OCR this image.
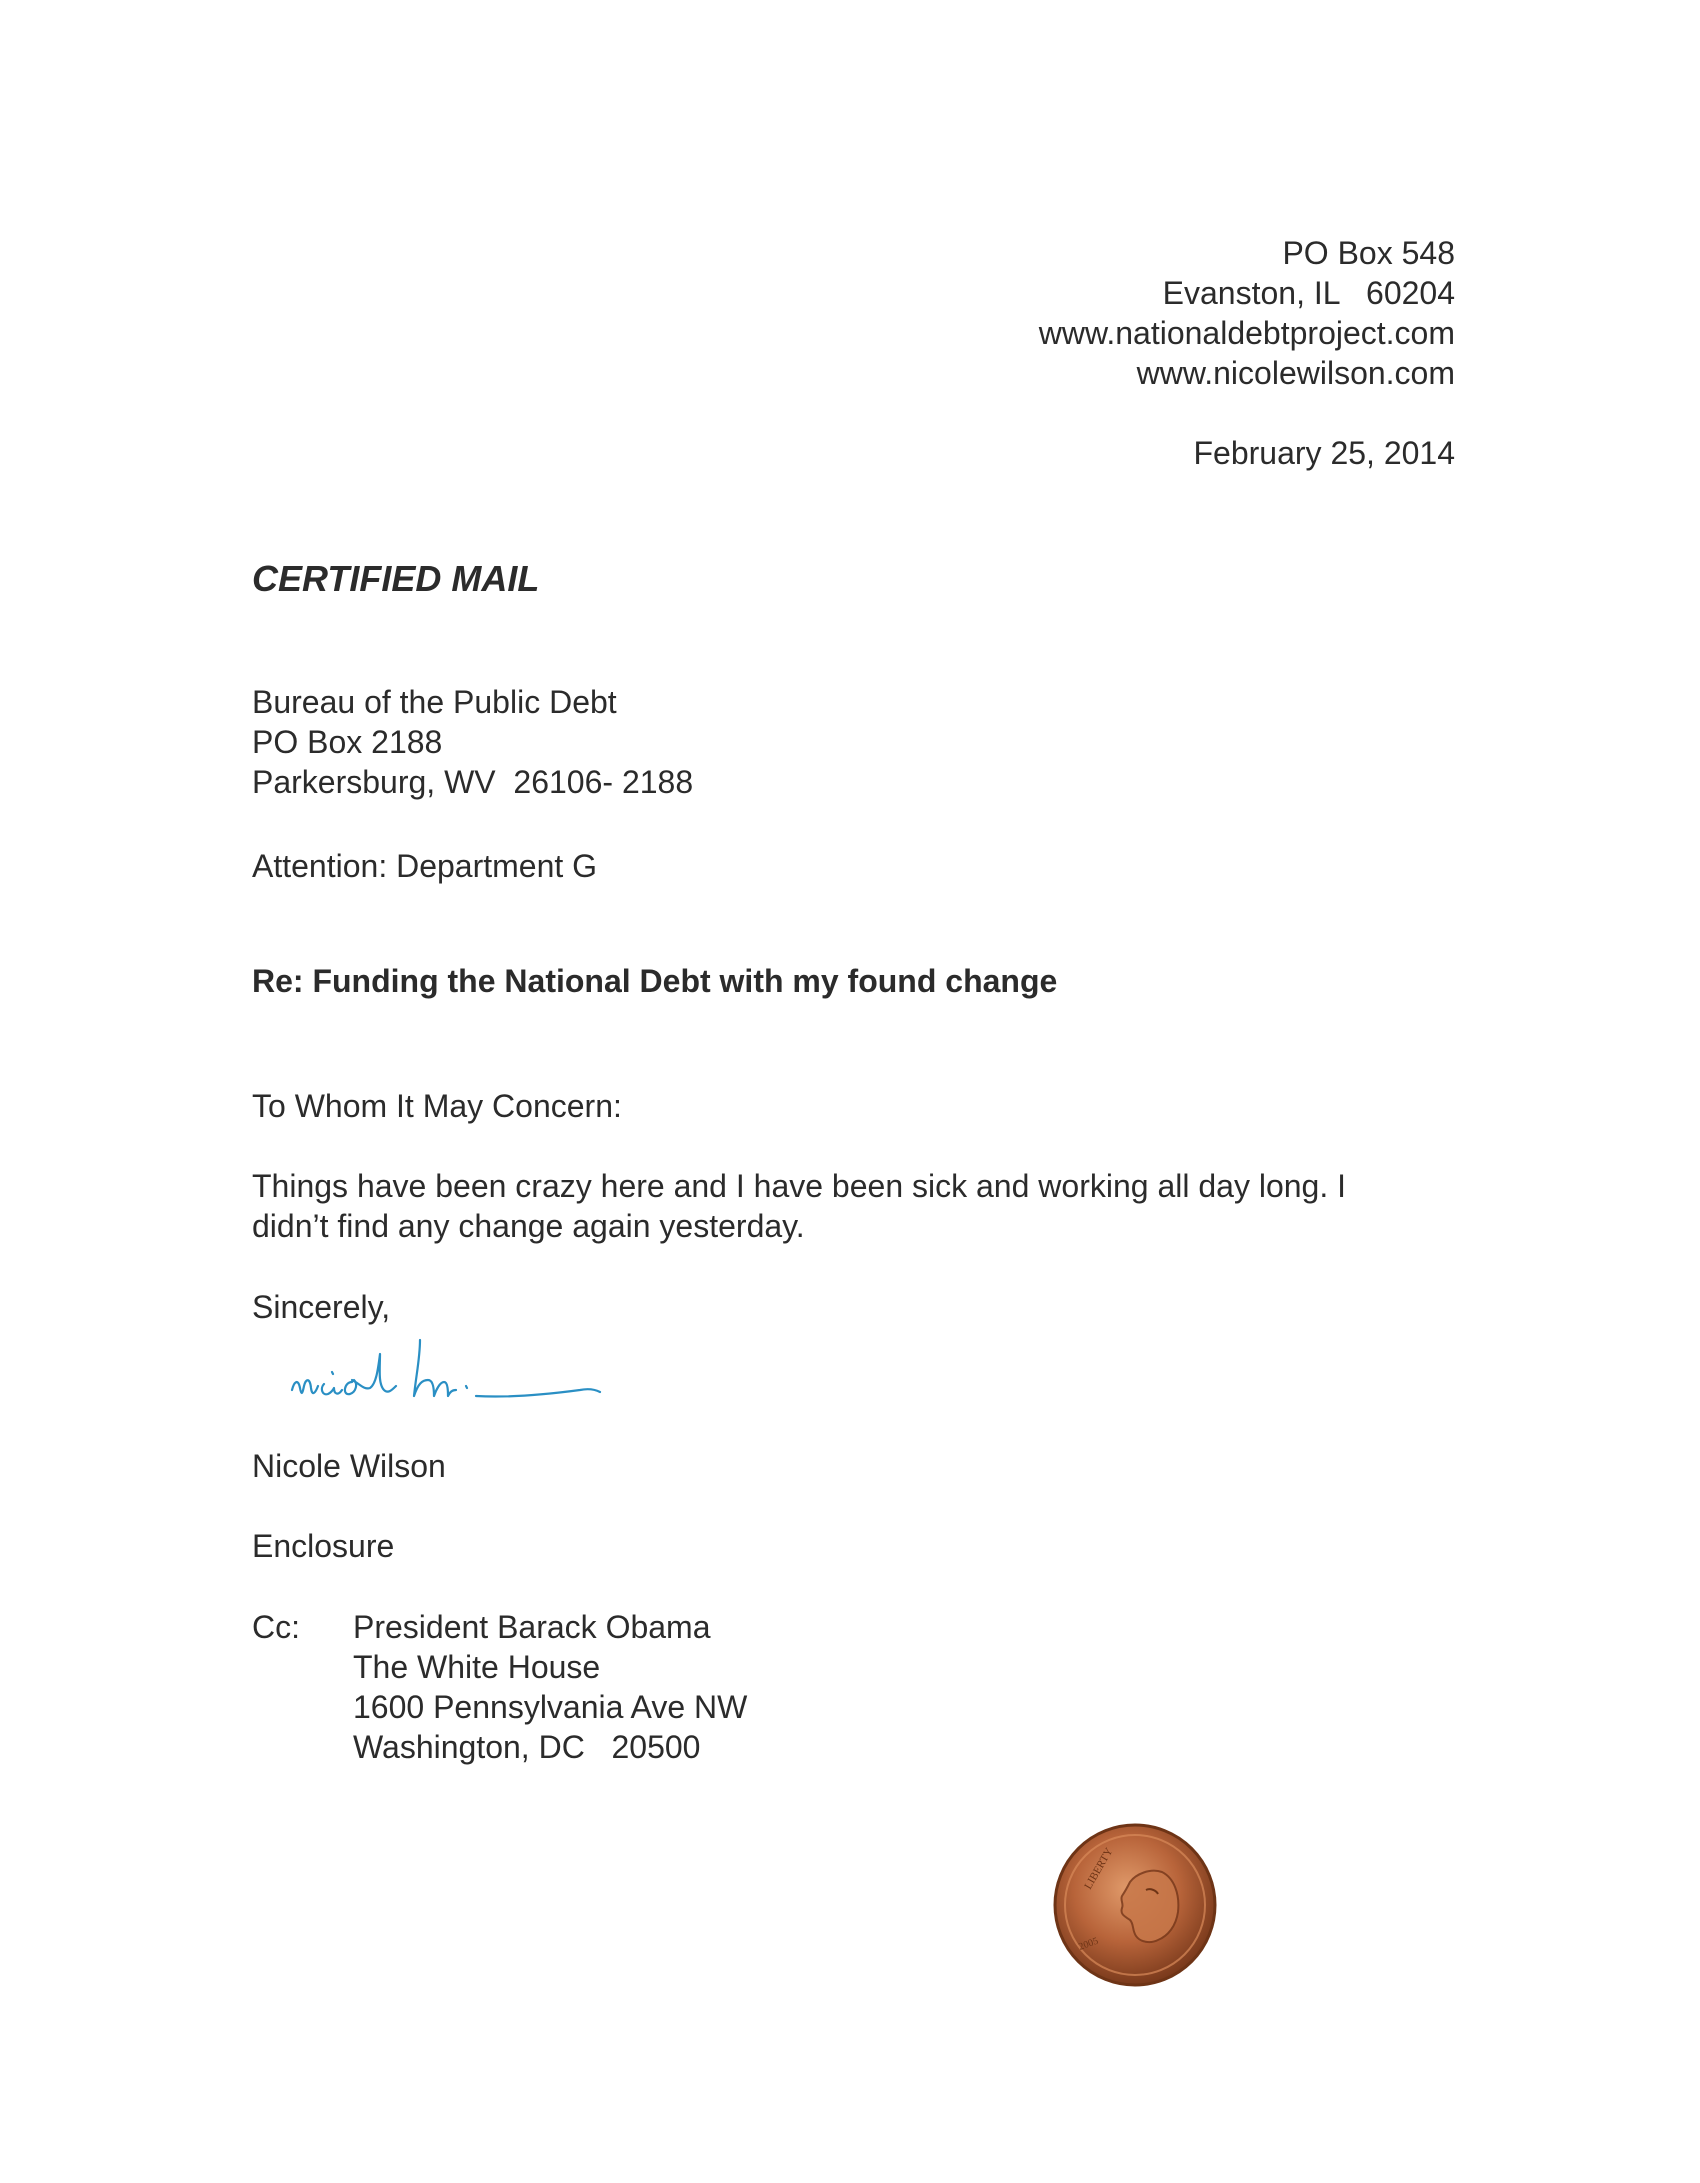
PO Box 548
Evanston, IL   60204
www.nationaldebtproject.com
www.nicolewilson.com
February 25, 2014
CERTIFIED MAIL
Bureau of the Public Debt
PO Box 2188
Parkersburg, WV  26106- 2188
Attention: Department G
Re: Funding the National Debt with my found change
To Whom It May Concern:
Things have been crazy here and I have been sick and working all day long. I
didn’t find any change again yesterday.
Sincerely,
Nicole Wilson
Enclosure
Cc: President Barack Obama
The White House
1600 Pennsylvania Ave NW
Washington, DC   20500
LIBERTY
2005
